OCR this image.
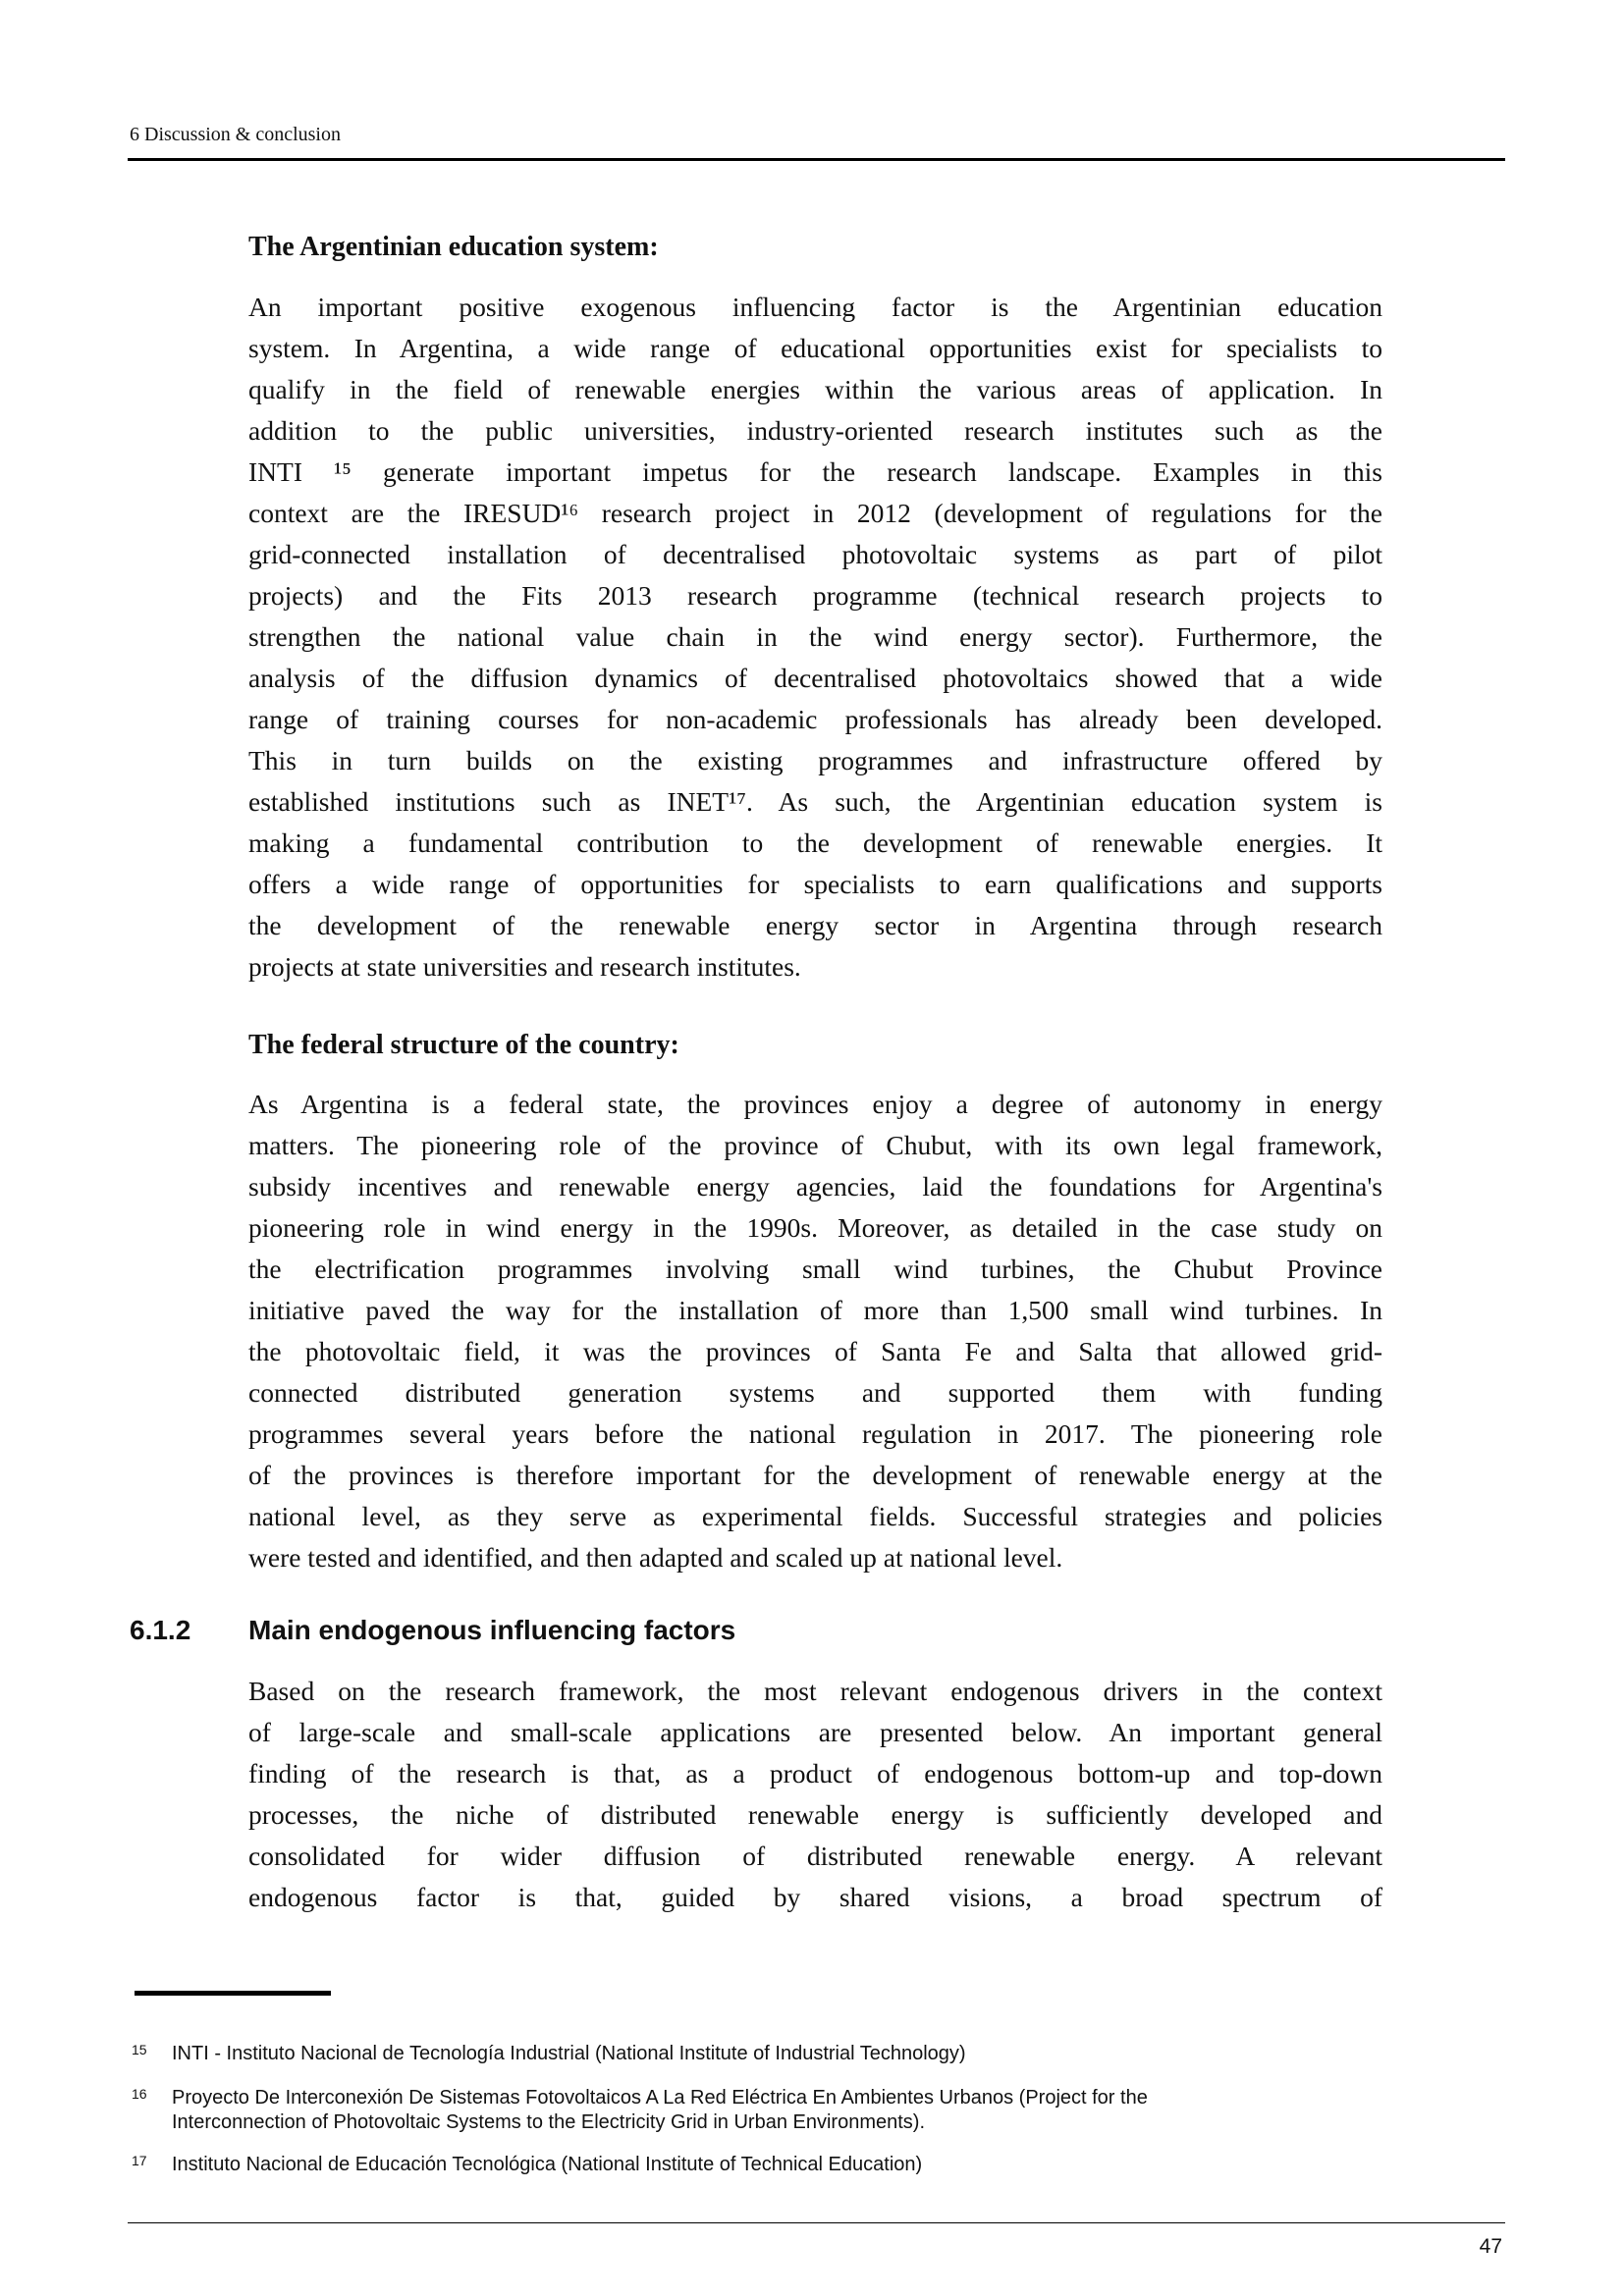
6 Discussion & conclusion
The Argentinian education system:
An important positive exogenous influencing factor is the Argentinian education
system. In Argentina, a wide range of educational opportunities exist for specialists to
qualify in the field of renewable energies within the various areas of application. In
addition to the public universities, industry-oriented research institutes such as the
INTI ¹⁵ generate important impetus for the research landscape. Examples in this
context are the IRESUD¹⁶ research project in 2012 (development of regulations for the
grid-connected installation of decentralised photovoltaic systems as part of pilot
projects) and the Fits 2013 research programme (technical research projects to
strengthen the national value chain in the wind energy sector). Furthermore, the
analysis of the diffusion dynamics of decentralised photovoltaics showed that a wide
range of training courses for non-academic professionals has already been developed.
This in turn builds on the existing programmes and infrastructure offered by
established institutions such as INET¹⁷. As such, the Argentinian education system is
making a fundamental contribution to the development of renewable energies. It
offers a wide range of opportunities for specialists to earn qualifications and supports
the development of the renewable energy sector in Argentina through research
projects at state universities and research institutes.
The federal structure of the country:
As Argentina is a federal state, the provinces enjoy a degree of autonomy in energy
matters. The pioneering role of the province of Chubut, with its own legal framework,
subsidy incentives and renewable energy agencies, laid the foundations for Argentina's
pioneering role in wind energy in the 1990s. Moreover, as detailed in the case study on
the electrification programmes involving small wind turbines, the Chubut Province
initiative paved the way for the installation of more than 1,500 small wind turbines. In
the photovoltaic field, it was the provinces of Santa Fe and Salta that allowed grid-
connected distributed generation systems and supported them with funding
programmes several years before the national regulation in 2017. The pioneering role
of the provinces is therefore important for the development of renewable energy at the
national level, as they serve as experimental fields. Successful strategies and policies
were tested and identified, and then adapted and scaled up at national level.
6.1.2 Main endogenous influencing factors
Based on the research framework, the most relevant endogenous drivers in the context
of large-scale and small-scale applications are presented below. An important general
finding of the research is that, as a product of endogenous bottom-up and top-down
processes, the niche of distributed renewable energy is sufficiently developed and
consolidated for wider diffusion of distributed renewable energy. A relevant
endogenous factor is that, guided by shared visions, a broad spectrum of
15 INTI - Instituto Nacional de Tecnología Industrial (National Institute of Industrial Technology)
16 Proyecto De Interconexión De Sistemas Fotovoltaicos A La Red Eléctrica En Ambientes Urbanos (Project for the
Interconnection of Photovoltaic Systems to the Electricity Grid in Urban Environments).
17 Instituto Nacional de Educación Tecnológica (National Institute of Technical Education)
47
